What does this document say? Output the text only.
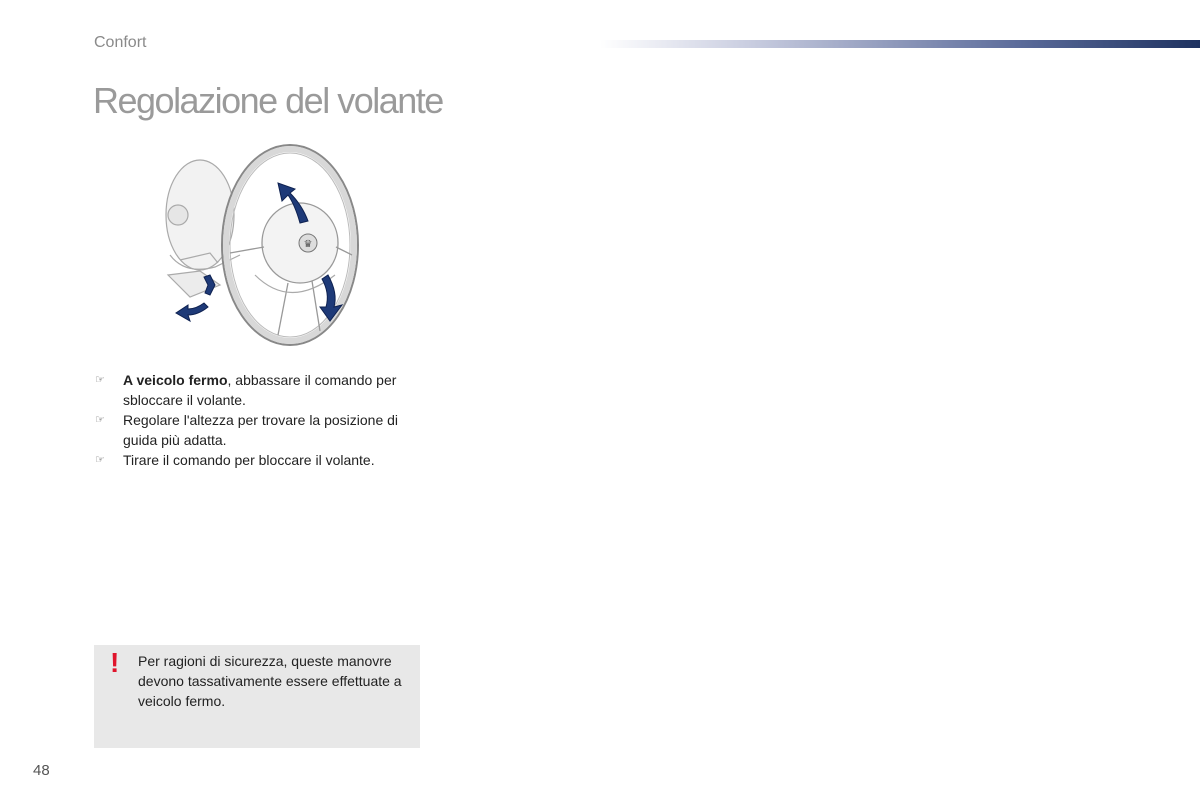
Confort
Regolazione del volante
♛
☞ A veicolo fermo, abbassare il comando per sbloccare il volante.
☞ Regolare l'altezza per trovare la posizione di guida più adatta.
☞ Tirare il comando per bloccare il volante.
! Per ragioni di sicurezza, queste manovre devono tassativamente essere effettuate a veicolo fermo.
48
